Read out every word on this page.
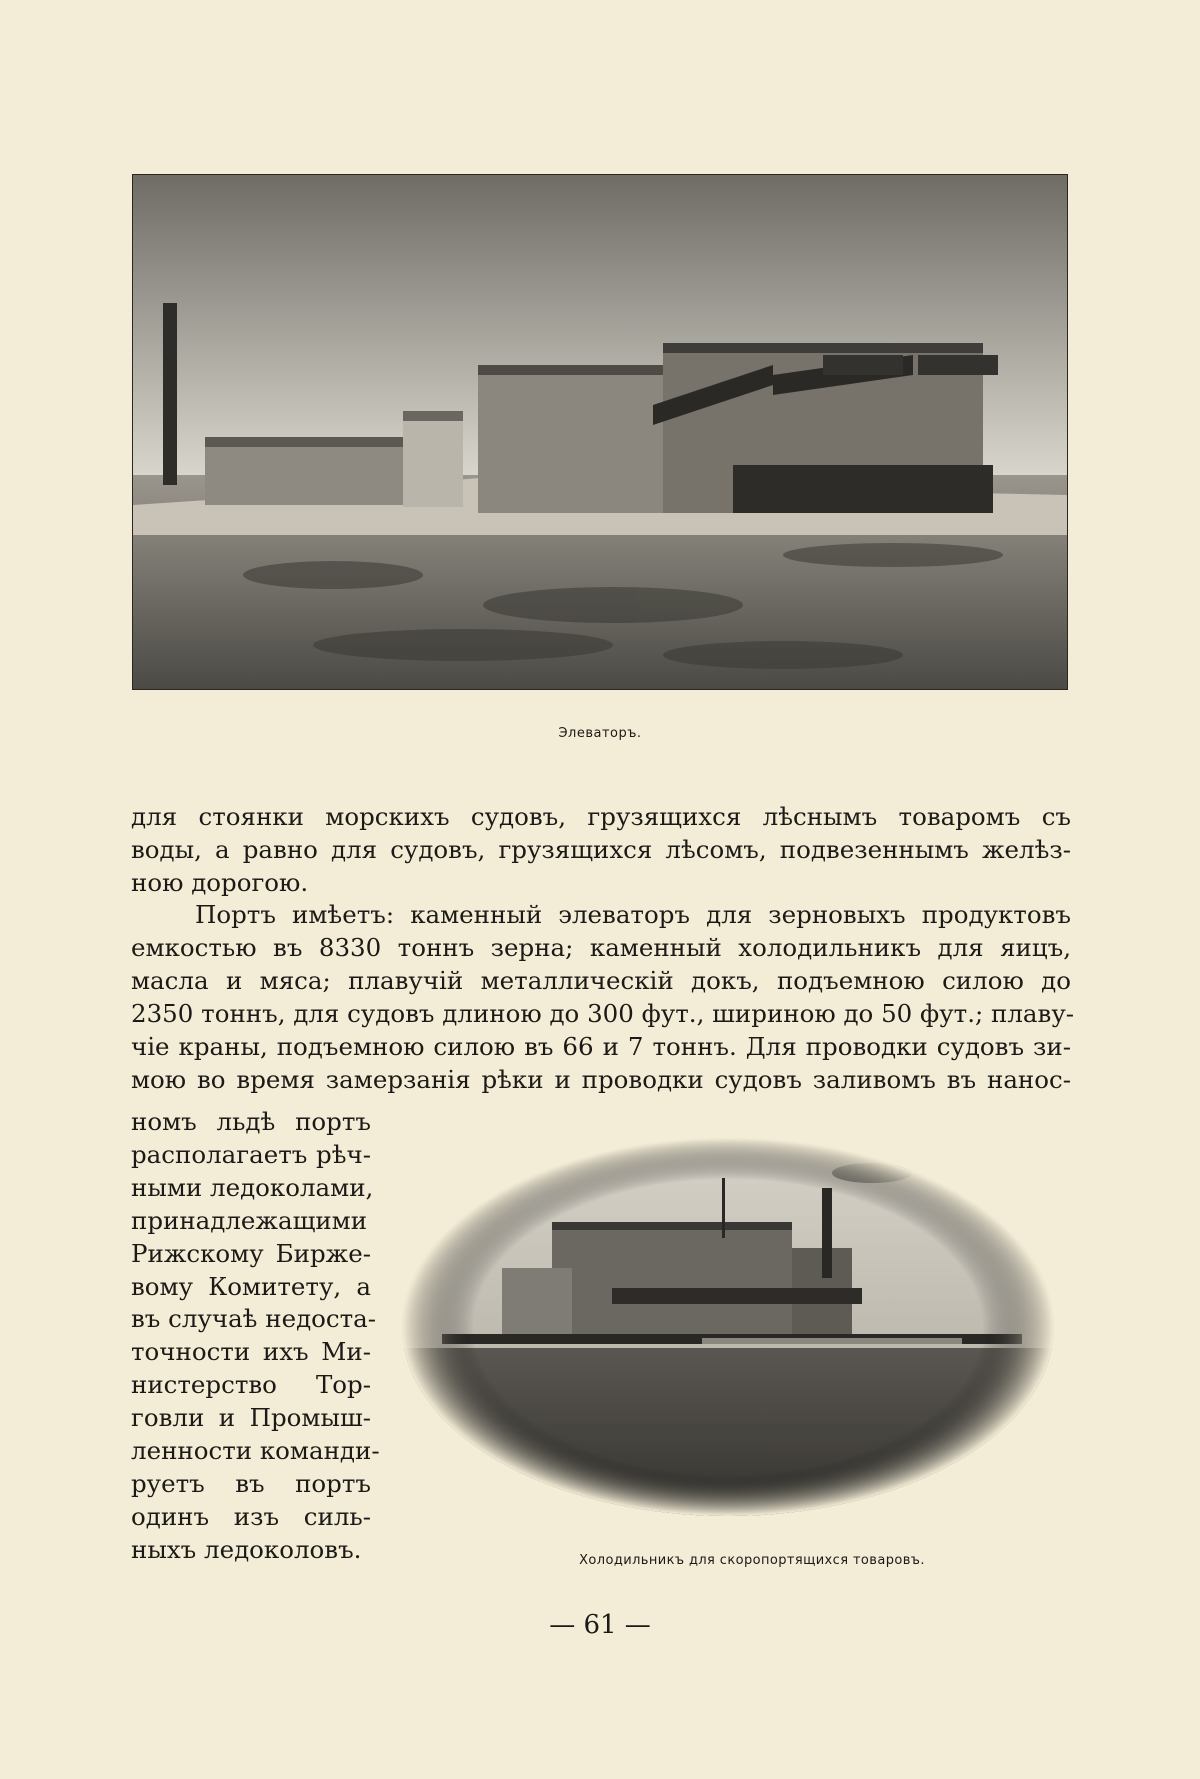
Элеваторъ.
для стоянки морскихъ судовъ, грузящихся лѣснымъ товаромъ съ
воды, а равно для судовъ, грузящихся лѣсомъ, подвезеннымъ желѣз-
ною дорогою.
Портъ имѣетъ: каменный элеваторъ для зерновыхъ продуктовъ
емкостью въ 8330 тоннъ зерна; каменный холодильникъ для яицъ,
масла и мяса; плавучій металлическій докъ, подъемною силою до
2350 тоннъ, для судовъ длиною до 300 фут., шириною до 50 фут.; плаву-
чіе краны, подъемною силою въ 66 и 7 тоннъ. Для проводки судовъ зи-
мою во время замерзанія рѣки и проводки судовъ заливомъ въ нанос-
номъ льдѣ портъ
располагаетъ рѣч-
ными ледоколами,
принадлежащими
Рижскому Бирже-
вому Комитету, а
въ случаѣ недоста-
точности ихъ Ми-
нистерство Тор-
говли и Промыш-
ленности команди-
руетъ въ портъ
одинъ изъ силь-
ныхъ ледоколовъ.	Холодильникъ для скоропортящихся товаровъ.
— 61 —
